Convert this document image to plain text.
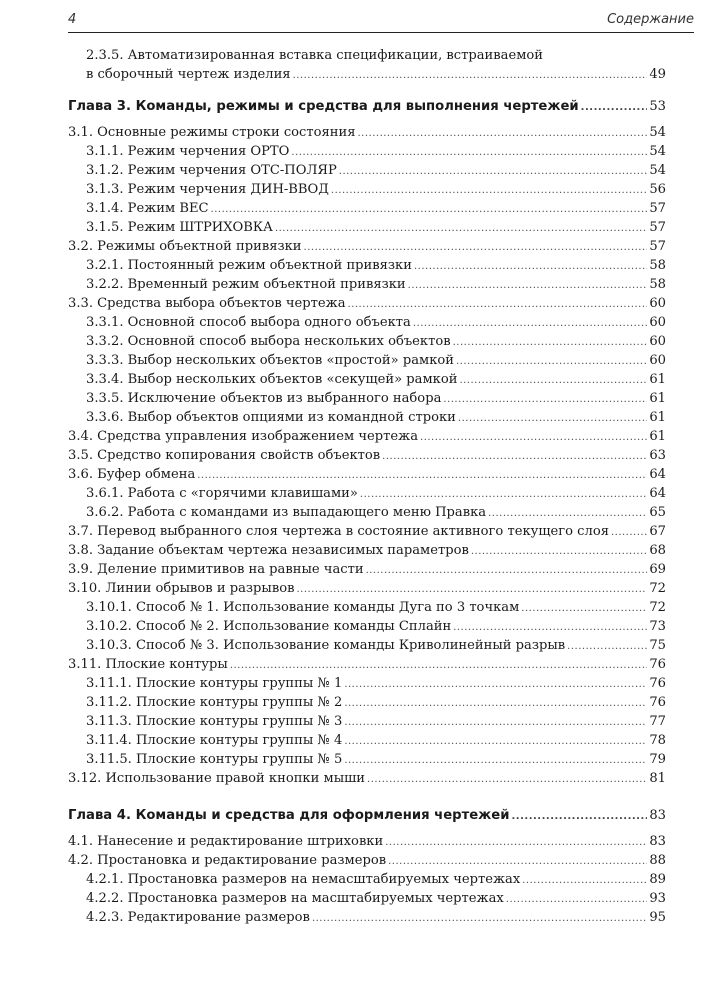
4	Содержание
2.3.5. Автоматизированная вставка спецификации, встраиваемой
в сборочный чертеж изделия .....	49
Глава 3. Команды, режимы и средства для выполнения чертежей .....	53
3.1. Основные режимы строки состояния .....	54
3.1.1. Режим черчения ОРТО .....	54
3.1.2. Режим черчения ОТС-ПОЛЯР .....	54
3.1.3. Режим черчения ДИН-ВВОД .....	56
3.1.4. Режим ВЕС .....	57
3.1.5. Режим ШТРИХОВКА .....	57
3.2. Режимы объектной привязки .....	57
3.2.1. Постоянный режим объектной привязки .....	58
3.2.2. Временный режим объектной привязки .....	58
3.3. Средства выбора объектов чертежа .....	60
3.3.1. Основной способ выбора одного объекта .....	60
3.3.2. Основной способ выбора нескольких объектов .....	60
3.3.3. Выбор нескольких объектов «простой» рамкой .....	60
3.3.4. Выбор нескольких объектов «секущей» рамкой .....	61
3.3.5. Исключение объектов из выбранного набора .....	61
3.3.6. Выбор объектов опциями из командной строки .....	61
3.4. Средства управления изображением чертежа .....	61
3.5. Средство копирования свойств объектов .....	63
3.6. Буфер обмена .....	64
3.6.1. Работа с «горячими клавишами» .....	64
3.6.2. Работа с командами из выпадающего меню Правка .....	65
3.7. Перевод выбранного слоя чертежа в состояние активного текущего слоя .....	67
3.8. Задание объектам чертежа независимых параметров .....	68
3.9. Деление примитивов на равные части .....	69
3.10. Линии обрывов и разрывов .....	72
3.10.1. Способ № 1. Использование команды Дуга по 3 точкам .....	72
3.10.2. Способ № 2. Использование команды Сплайн .....	73
3.10.3. Способ № 3. Использование команды Криволинейный разрыв .....	75
3.11. Плоские контуры .....	76
3.11.1. Плоские контуры группы № 1 .....	76
3.11.2. Плоские контуры группы № 2 .....	76
3.11.3. Плоские контуры группы № 3 .....	77
3.11.4. Плоские контуры группы № 4 .....	78
3.11.5. Плоские контуры группы № 5 .....	79
3.12. Использование правой кнопки мыши .....	81
Глава 4. Команды и средства для оформления чертежей .....	83
4.1. Нанесение и редактирование штриховки .....	83
4.2. Простановка и редактирование размеров .....	88
4.2.1. Простановка размеров на немасштабируемых чертежах .....	89
4.2.2. Простановка размеров на масштабируемых чертежах .....	93
4.2.3. Редактирование размеров .....	95
